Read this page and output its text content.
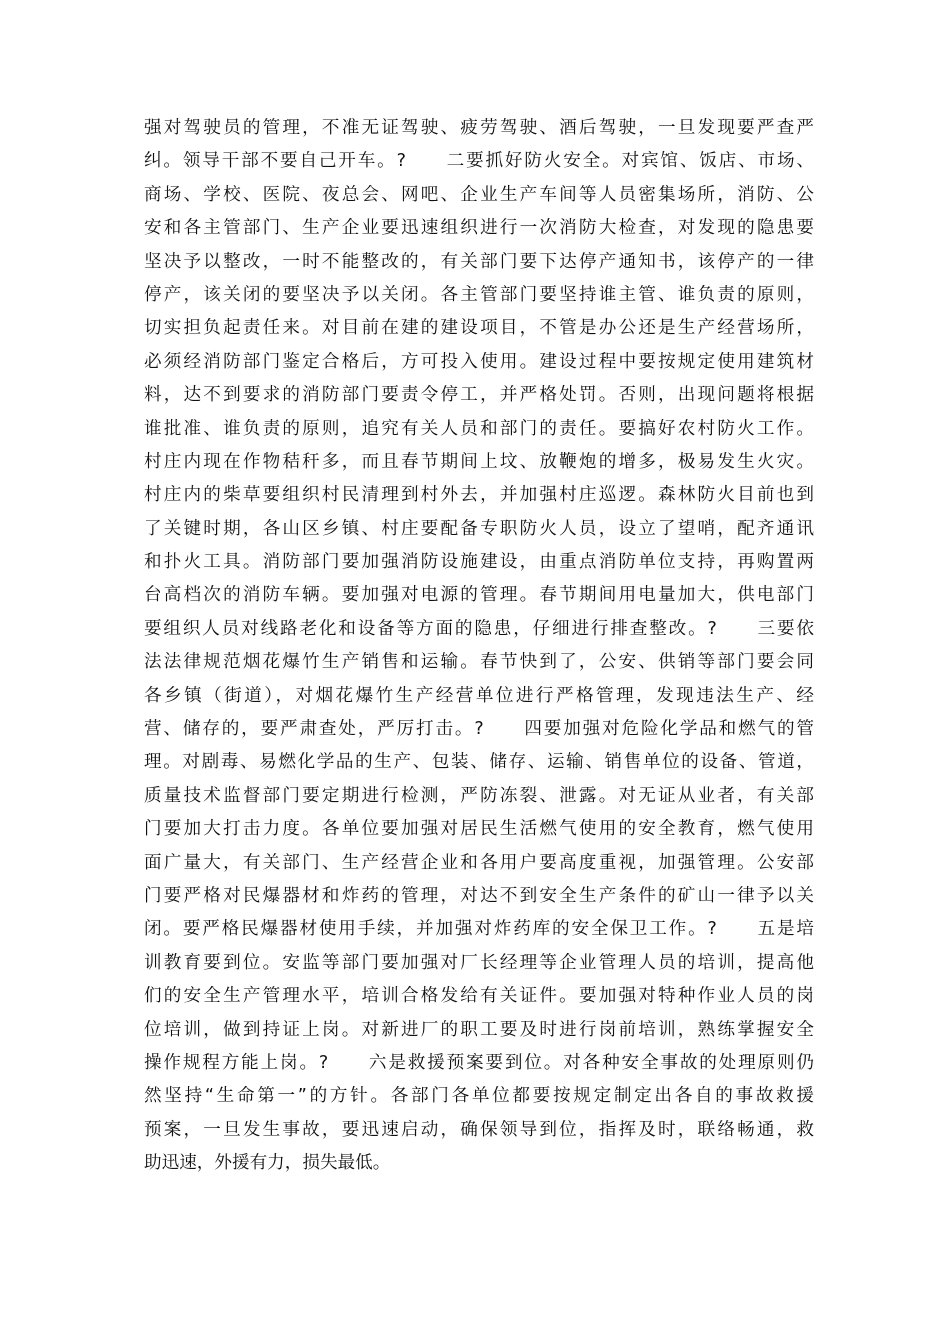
强对驾驶员的管理，不准无证驾驶、疲劳驾驶、酒后驾驶，一旦发现要严查严
纠。领导干部不要自己开车。?　　二要抓好防火安全。对宾馆、饭店、市场、
商场、学校、医院、夜总会、网吧、企业生产车间等人员密集场所，消防、公
安和各主管部门、生产企业要迅速组织进行一次消防大检查，对发现的隐患要
坚决予以整改，一时不能整改的，有关部门要下达停产通知书，该停产的一律
停产，该关闭的要坚决予以关闭。各主管部门要坚持谁主管、谁负责的原则，
切实担负起责任来。对目前在建的建设项目，不管是办公还是生产经营场所，
必须经消防部门鉴定合格后，方可投入使用。建设过程中要按规定使用建筑材
料，达不到要求的消防部门要责令停工，并严格处罚。否则，出现问题将根据
谁批准、谁负责的原则，追究有关人员和部门的责任。要搞好农村防火工作。
村庄内现在作物秸秆多，而且春节期间上坟、放鞭炮的增多，极易发生火灾。
村庄内的柴草要组织村民清理到村外去，并加强村庄巡逻。森林防火目前也到
了关键时期，各山区乡镇、村庄要配备专职防火人员，设立了望哨，配齐通讯
和扑火工具。消防部门要加强消防设施建设，由重点消防单位支持，再购置两
台高档次的消防车辆。要加强对电源的管理。春节期间用电量加大，供电部门
要组织人员对线路老化和设备等方面的隐患，仔细进行排查整改。?　　三要依
法法律规范烟花爆竹生产销售和运输。春节快到了，公安、供销等部门要会同
各乡镇（街道），对烟花爆竹生产经营单位进行严格管理，发现违法生产、经
营、储存的，要严肃查处，严厉打击。?　　四要加强对危险化学品和燃气的管
理。对剧毒、易燃化学品的生产、包装、储存、运输、销售单位的设备、管道，
质量技术监督部门要定期进行检测，严防冻裂、泄露。对无证从业者，有关部
门要加大打击力度。各单位要加强对居民生活燃气使用的安全教育，燃气使用
面广量大，有关部门、生产经营企业和各用户要高度重视，加强管理。公安部
门要严格对民爆器材和炸药的管理，对达不到安全生产条件的矿山一律予以关
闭。要严格民爆器材使用手续，并加强对炸药库的安全保卫工作。?　　五是培
训教育要到位。安监等部门要加强对厂长经理等企业管理人员的培训，提高他
们的安全生产管理水平，培训合格发给有关证件。要加强对特种作业人员的岗
位培训，做到持证上岗。对新进厂的职工要及时进行岗前培训，熟练掌握安全
操作规程方能上岗。?　　六是救援预案要到位。对各种安全事故的处理原则仍
然坚持“生命第一”的方针。各部门各单位都要按规定制定出各自的事故救援
预案，一旦发生事故，要迅速启动，确保领导到位，指挥及时，联络畅通，救
助迅速，外援有力，损失最低。
